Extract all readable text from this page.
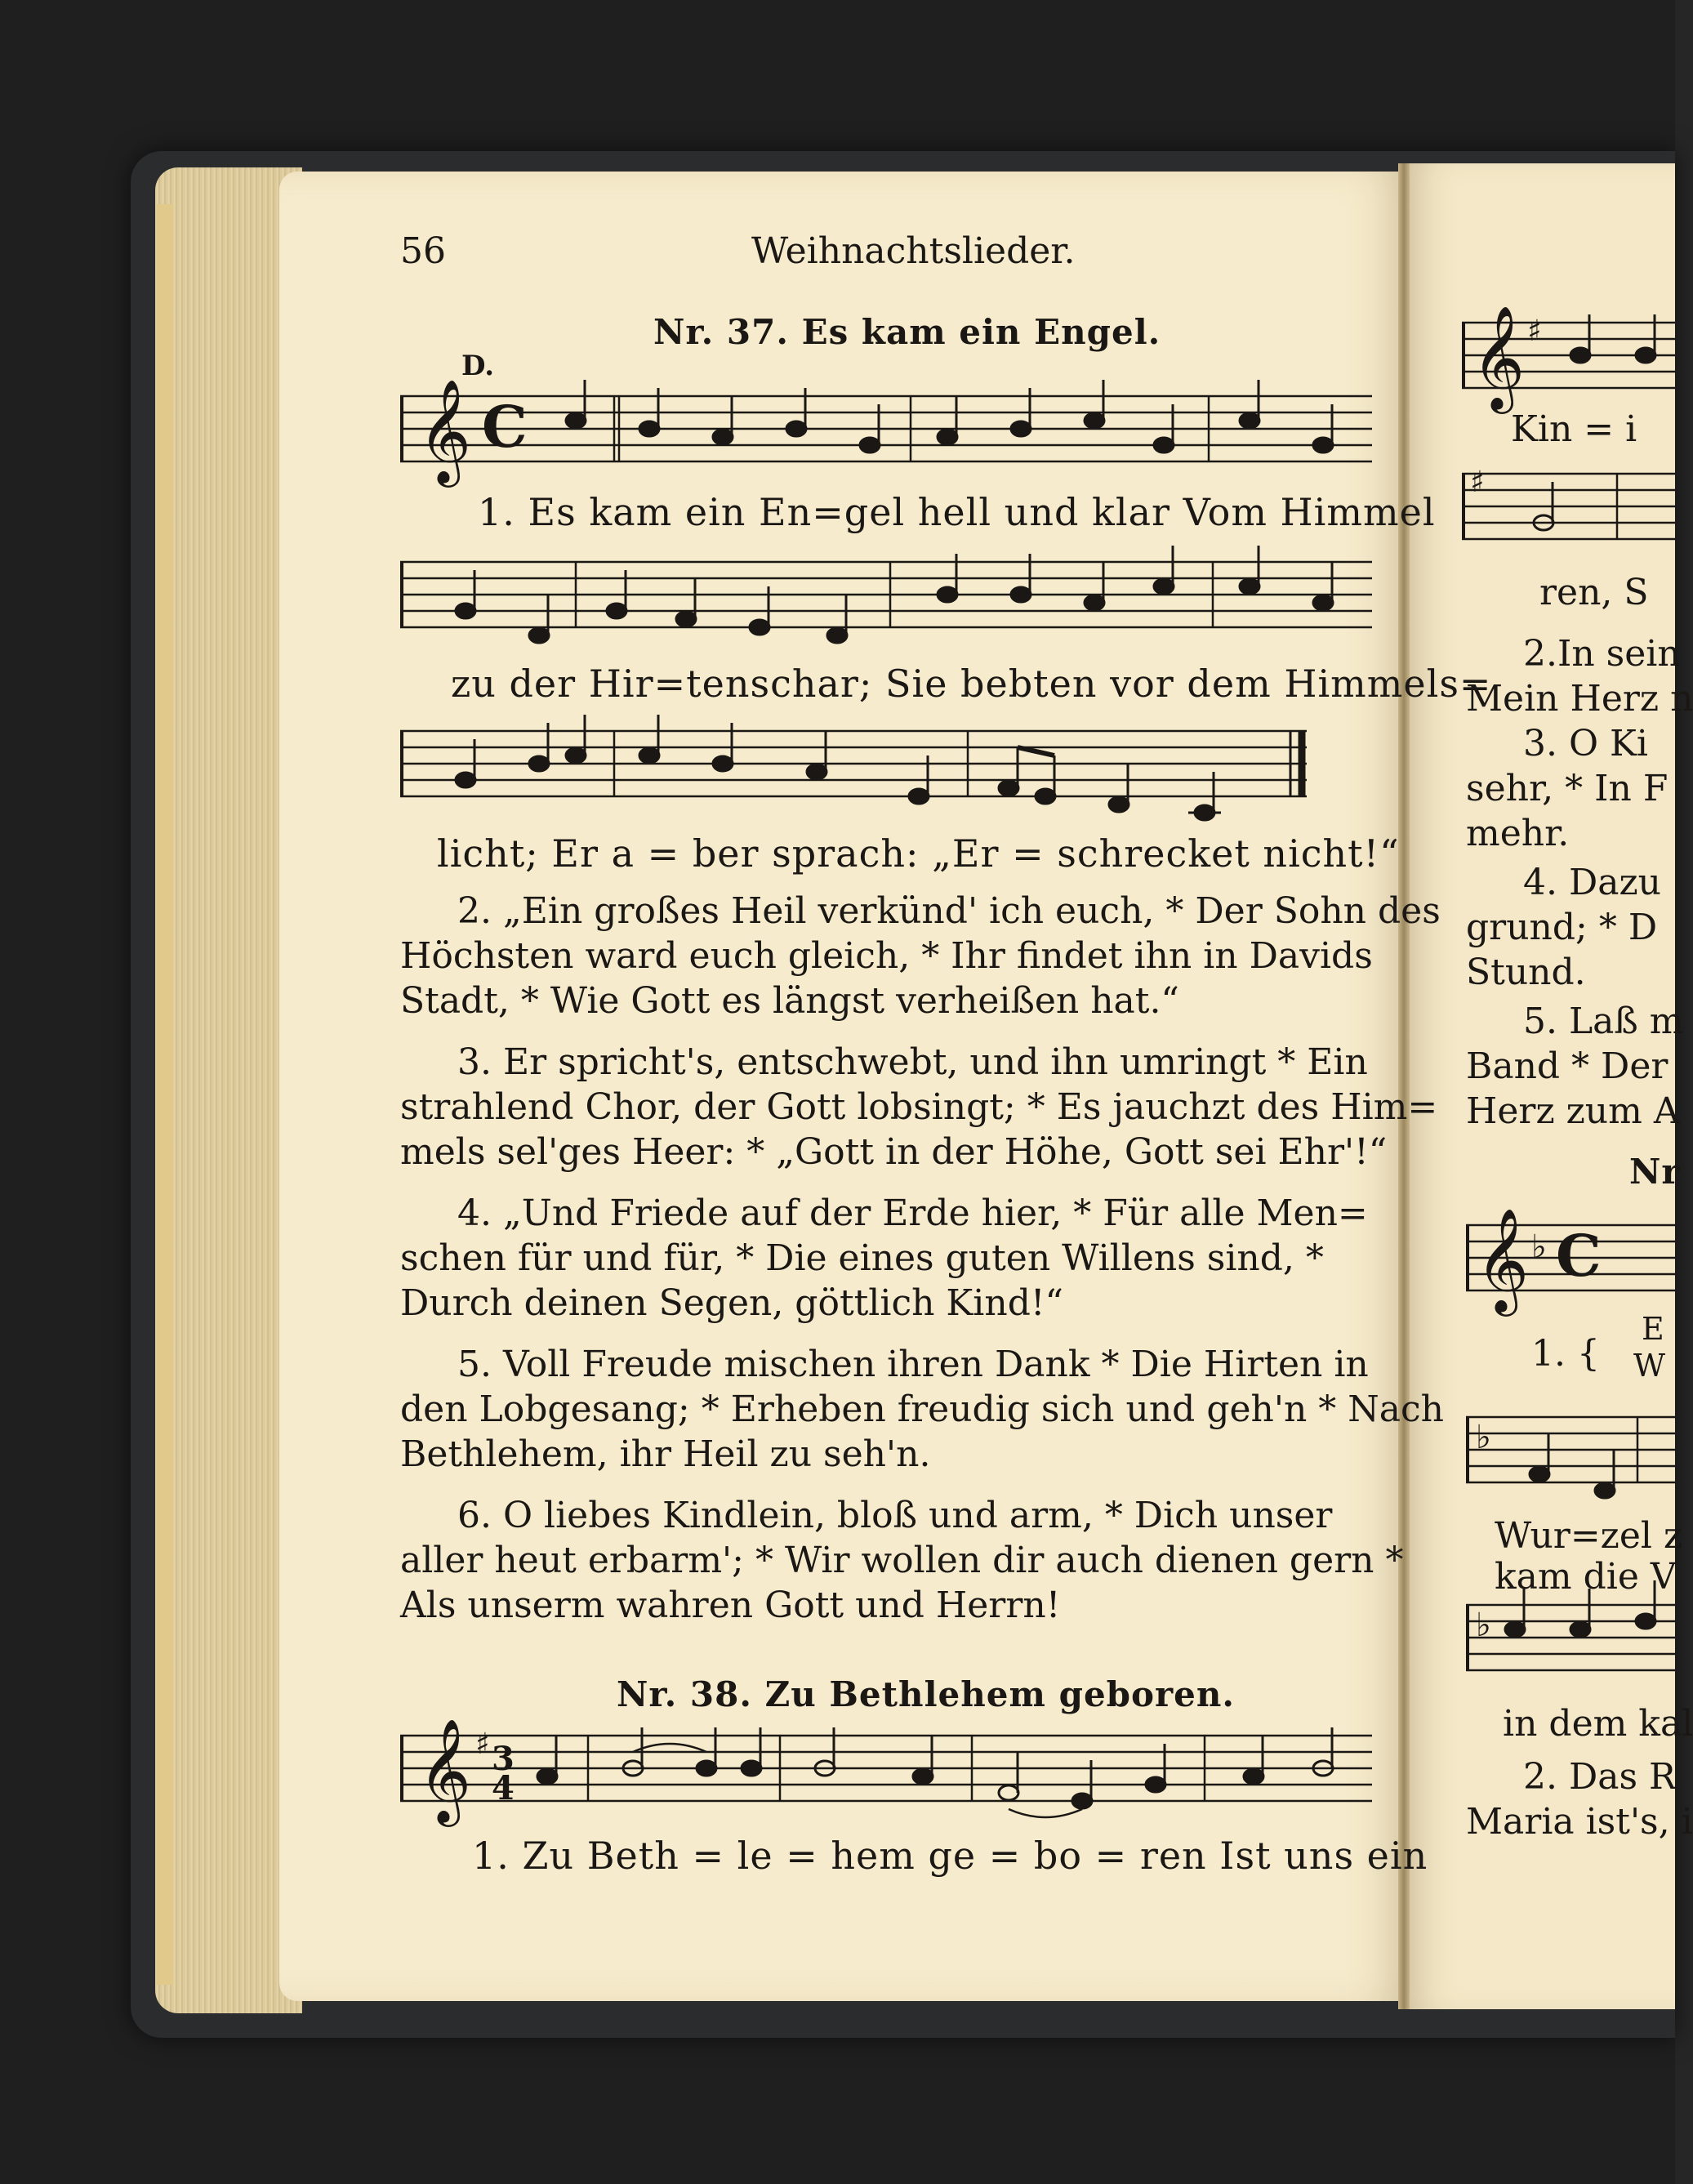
56	Weihnachtslieder.
Nr. 37. Es kam ein Engel.
D.
𝄞 C
1. Es kam ein En=gel hell und klar Vom Himmel
zu der Hir=tenschar; Sie bebten vor dem Himmels=
licht; Er a = ber sprach: „Er = schrecket nicht!“
2. „Ein großes Heil verkünd' ich euch, * Der Sohn des
Höchsten ward euch gleich, * Ihr findet ihn in Davids
Stadt, * Wie Gott es längst verheißen hat.“
3. Er spricht's, entschwebt, und ihn umringt * Ein
strahlend Chor, der Gott lobsingt; * Es jauchzt des Him=
mels sel'ges Heer: * „Gott in der Höhe, Gott sei Ehr'!“
4. „Und Friede auf der Erde hier, * Für alle Men=
schen für und für, * Die eines guten Willens sind, *
Durch deinen Segen, göttlich Kind!“
5. Voll Freude mischen ihren Dank * Die Hirten in
den Lobgesang; * Erheben freudig sich und geh'n * Nach
Bethlehem, ihr Heil zu seh'n.
6. O liebes Kindlein, bloß und arm, * Dich unser
aller heut erbarm'; * Wir wollen dir auch dienen gern *
Als unserm wahren Gott und Herrn!
Nr. 38. Zu Bethlehem geboren.
𝄞 ♯ 3
4
1. Zu Beth = le = hem ge = bo = ren Ist uns ein
𝄞 ♯
Kin = i
♯
ren, S
2.In sein
Mein Herz n
3. O Ki
sehr, * In F
mehr.
4. Dazu
grund; * D
Stund.
5. Laß m
Band * Der
Herz zum A
Nr
𝄞 ♭ C
1. {
E
W
♭
Wur=zel z
kam die V
♭
in dem kal
2. Das R
Maria ist's, i
